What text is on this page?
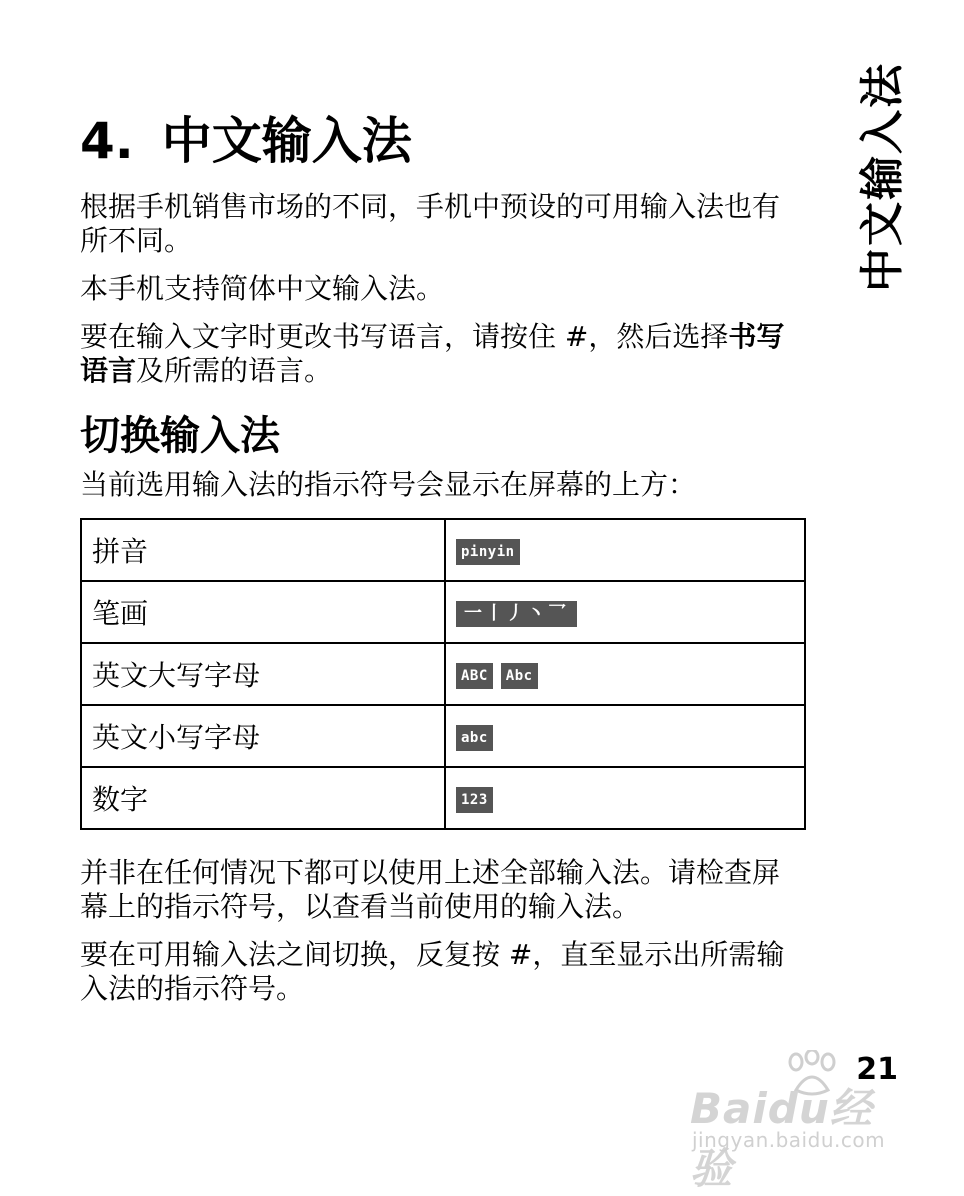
中文输入法
4. 中文输入法

根据手机销售市场的不同，手机中预设的可用输入法也有所不同。

本手机支持简体中文输入法。

要在输入文字时更改书写语言，请按住 #，然后选择书写语言及所需的语言。

切换输入法

当前选用输入法的指示符号会显示在屏幕的上方：

拼音	pinyin
笔画	一丨丿丶乛
英文大写字母	ABC Abc
英文小写字母	abc
数字	123

并非在任何情况下都可以使用上述全部输入法。请检查屏幕上的指示符号，以查看当前使用的输入法。

要在可用输入法之间切换，反复按 #，直至显示出所需输入法的指示符号。

21
Baidu经验
jingyan.baidu.com
